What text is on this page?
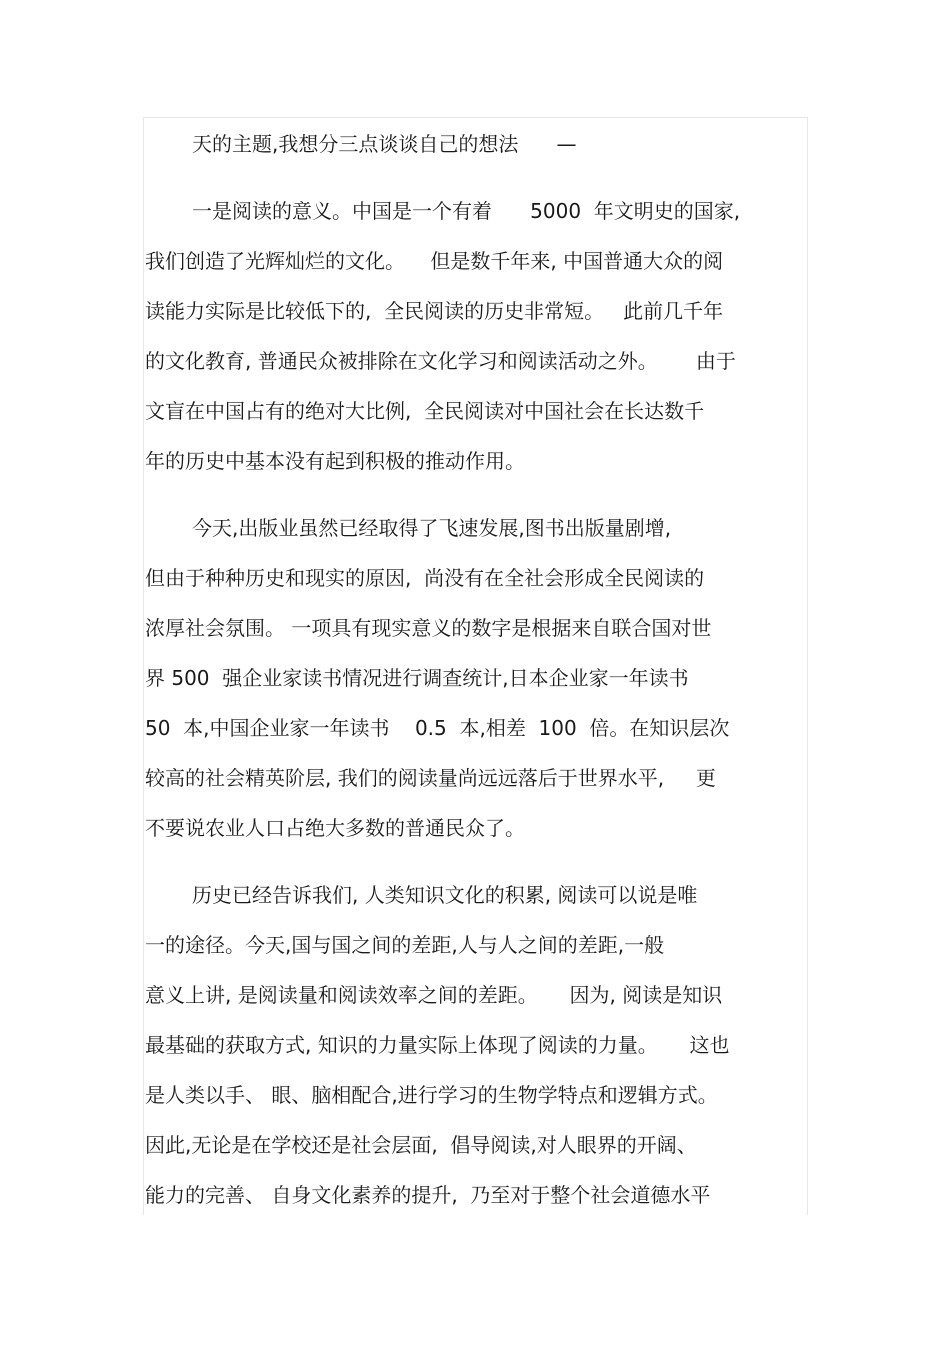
天的主题,我想分三点谈谈自己的想法      —
一是阅读的意义。中国是一个有着      5000  年文明史的国家,
我们创造了光辉灿烂的文化。    但是数千年来, 中国普通大众的阅
读能力实际是比较低下的,  全民阅读的历史非常短。   此前几千年
的文化教育, 普通民众被排除在文化学习和阅读活动之外。      由于
文盲在中国占有的绝对大比例,  全民阅读对中国社会在长达数千
年的历史中基本没有起到积极的推动作用。
今天,出版业虽然已经取得了飞速发展,图书出版量剧增,
但由于种种历史和现实的原因,  尚没有在全社会形成全民阅读的
浓厚社会氛围。 一项具有现实意义的数字是根据来自联合国对世
界 500  强企业家读书情况进行调查统计,日本企业家一年读书
50  本,中国企业家一年读书    0.5  本,相差  100  倍。在知识层次
较高的社会精英阶层, 我们的阅读量尚远远落后于世界水平,     更
不要说农业人口占绝大多数的普通民众了。
历史已经告诉我们, 人类知识文化的积累, 阅读可以说是唯
一的途径。今天,国与国之间的差距,人与人之间的差距,一般
意义上讲, 是阅读量和阅读效率之间的差距。     因为, 阅读是知识
最基础的获取方式, 知识的力量实际上体现了阅读的力量。     这也
是人类以手、 眼、脑相配合,进行学习的生物学特点和逻辑方式。
因此,无论是在学校还是社会层面,  倡导阅读,对人眼界的开阔、
能力的完善、 自身文化素养的提升,  乃至对于整个社会道德水平
